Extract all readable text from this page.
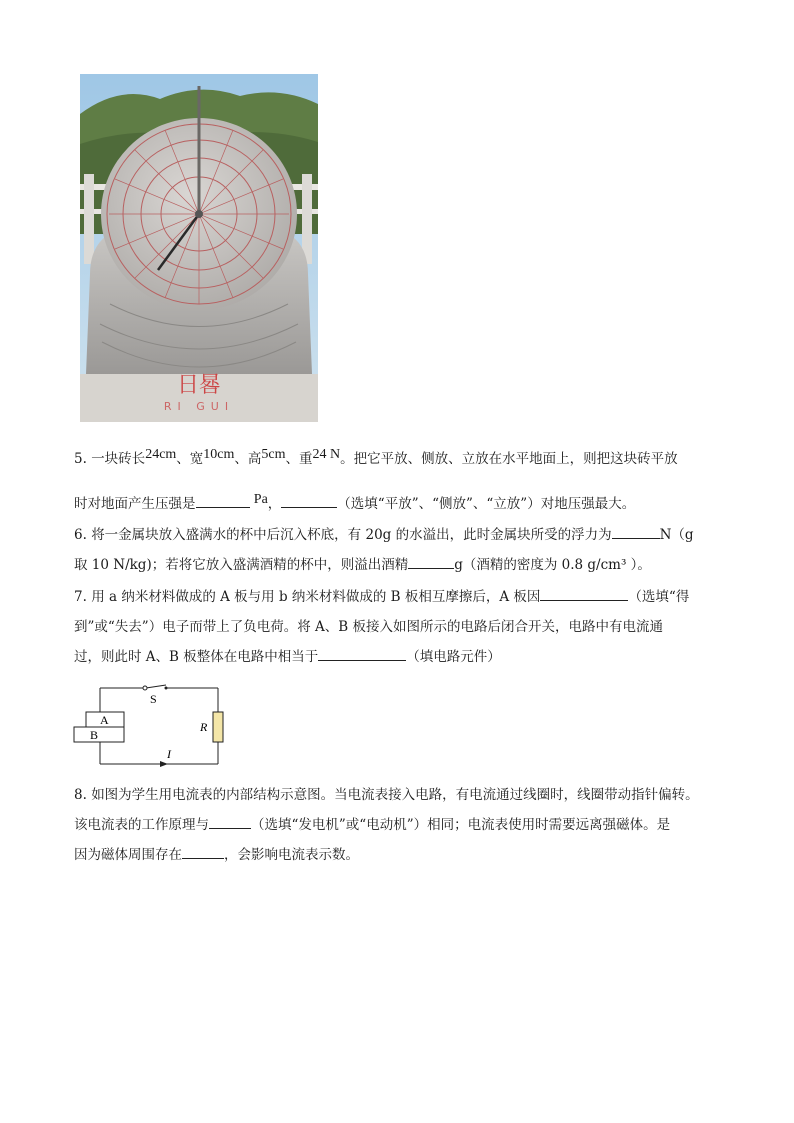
日晷
RI GUI

5. 一块砖长24cm、宽10cm、高5cm、重24 N。把它平放、侧放、立放在水平地面上，则把这块砖平放

时对地面产生压强是	Pa，	（选填“平放”、“侧放”、“立放”）对地压强最大。

6. 将一金属块放入盛满水的杯中后沉入杯底，有 20g 的水溢出，此时金属块所受的浮力为	N（g

取 10 N/kg)；若将它放入盛满酒精的杯中，则溢出酒精	g（酒精的密度为 0.8 g/cm³ ）。

7. 用 a 纳米材料做成的 A 板与用 b 纳米材料做成的 B 板相互摩擦后，A 板因	（选填“得

到”或“失去”）电子而带上了负电荷。将 A、B 板接入如图所示的电路后闭合开关，电路中有电流通

过，则此时 A、B 板整体在电路中相当于	（填电路元件）

S
R
A
B
I

8. 如图为学生用电流表的内部结构示意图。当电流表接入电路，有电流通过线圈时，线圈带动指针偏转。

该电流表的工作原理与	（选填“发电机”或“电动机”）相同；电流表使用时需要远离强磁体。是

因为磁体周围存在	，会影响电流表示数。
